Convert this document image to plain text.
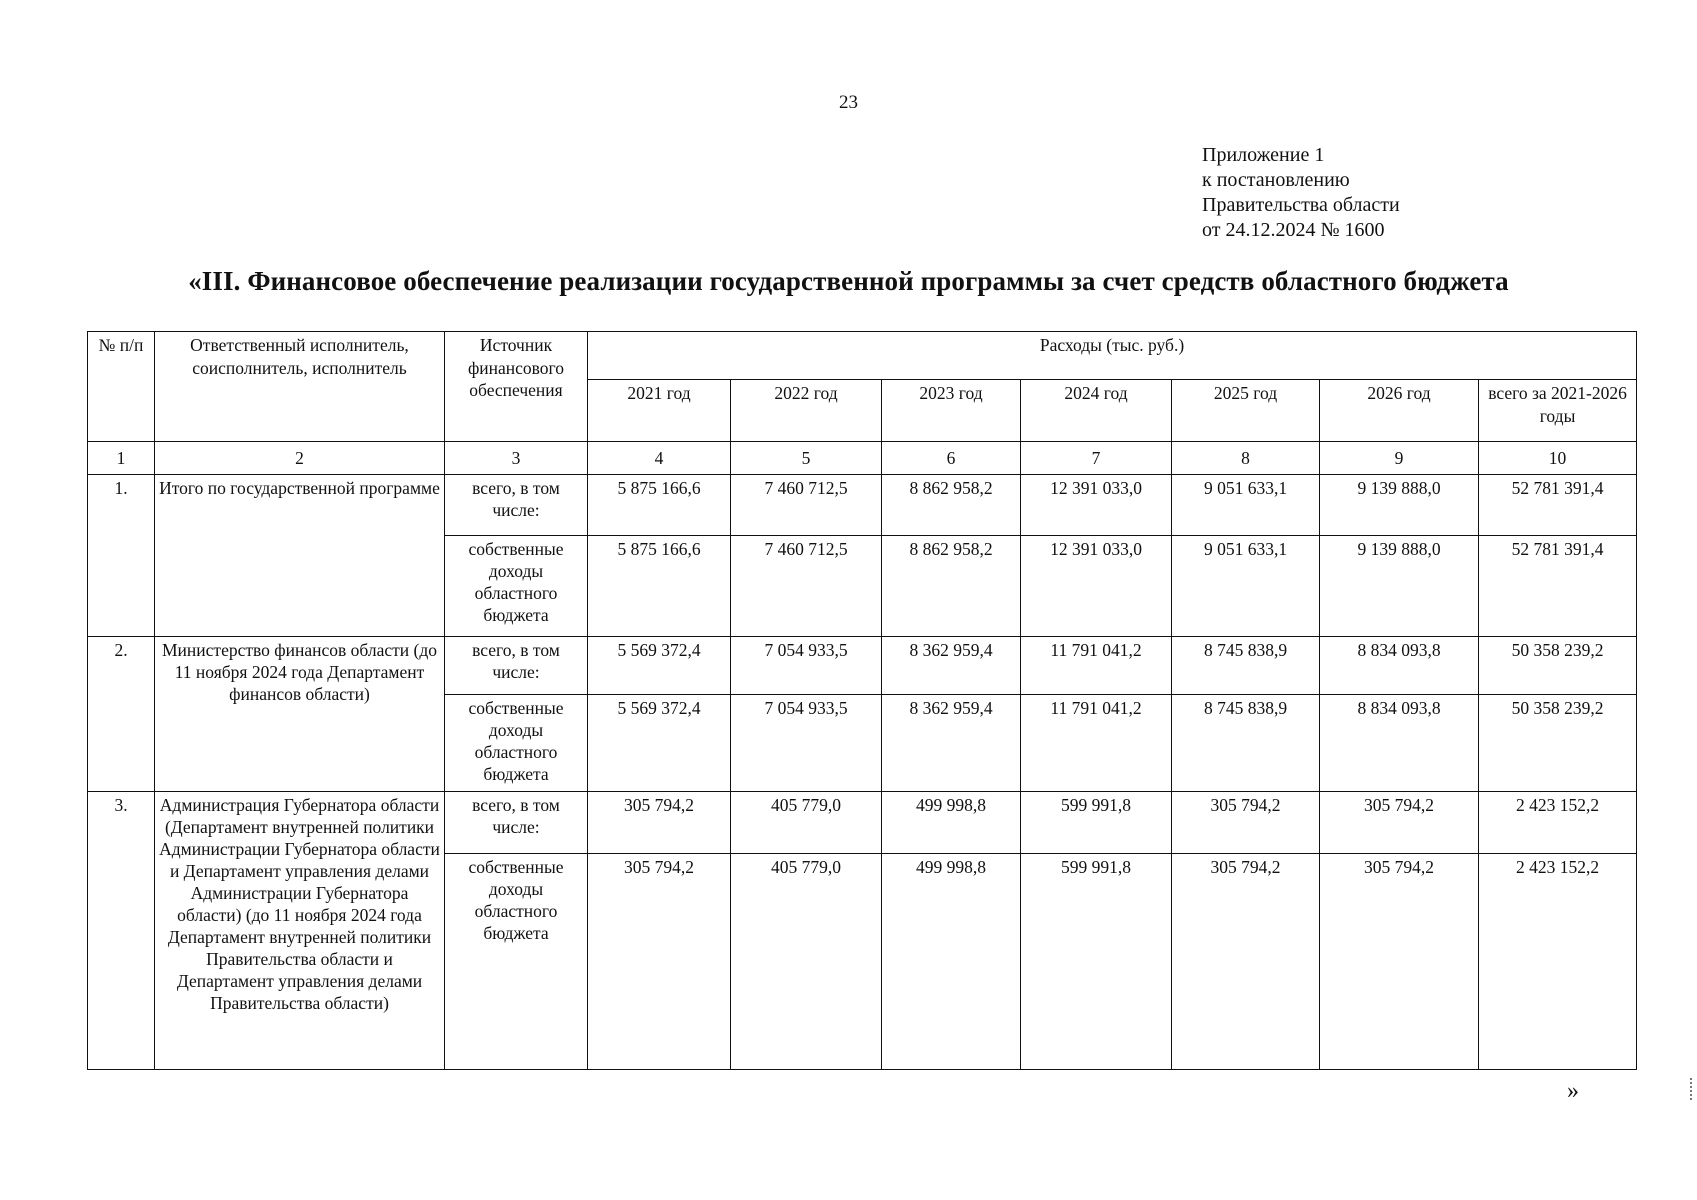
23
Приложение 1
к постановлению
Правительства области
от 24.12.2024 № 1600
«III. Финансовое обеспечение реализации государственной программы за счет средств областного бюджета
№ п/п	Ответственный исполнитель, соисполнитель, исполнитель	Источник финансового обеспечения	Расходы (тыс. руб.)						
			2021 год	2022 год	2023 год	2024 год	2025 год	2026 год	всего за 2021-2026 годы
1	2	3	4	5	6	7	8	9	10
1.	Итого по государственной программе	всего, в том числе:	5 875 166,6	7 460 712,5	8 862 958,2	12 391 033,0	9 051 633,1	9 139 888,0	52 781 391,4
		собственные доходы областного бюджета	5 875 166,6	7 460 712,5	8 862 958,2	12 391 033,0	9 051 633,1	9 139 888,0	52 781 391,4
2.	Министерство финансов области (до 11 ноября 2024 года Департамент финансов области)	всего, в том числе:	5 569 372,4	7 054 933,5	8 362 959,4	11 791 041,2	8 745 838,9	8 834 093,8	50 358 239,2
		собственные доходы областного бюджета	5 569 372,4	7 054 933,5	8 362 959,4	11 791 041,2	8 745 838,9	8 834 093,8	50 358 239,2
3.	Администрация Губернатора области (Департамент внутренней политики Администрации Губернатора области и Департамент управления делами Администрации Губернатора области) (до 11 ноября 2024 года Департамент внутренней политики Правительства области и Департамент управления делами Правительства области)	всего, в том числе:	305 794,2	405 779,0	499 998,8	599 991,8	305 794,2	305 794,2	2 423 152,2
		собственные доходы областного бюджета	305 794,2	405 779,0	499 998,8	599 991,8	305 794,2	305 794,2	2 423 152,2
»
